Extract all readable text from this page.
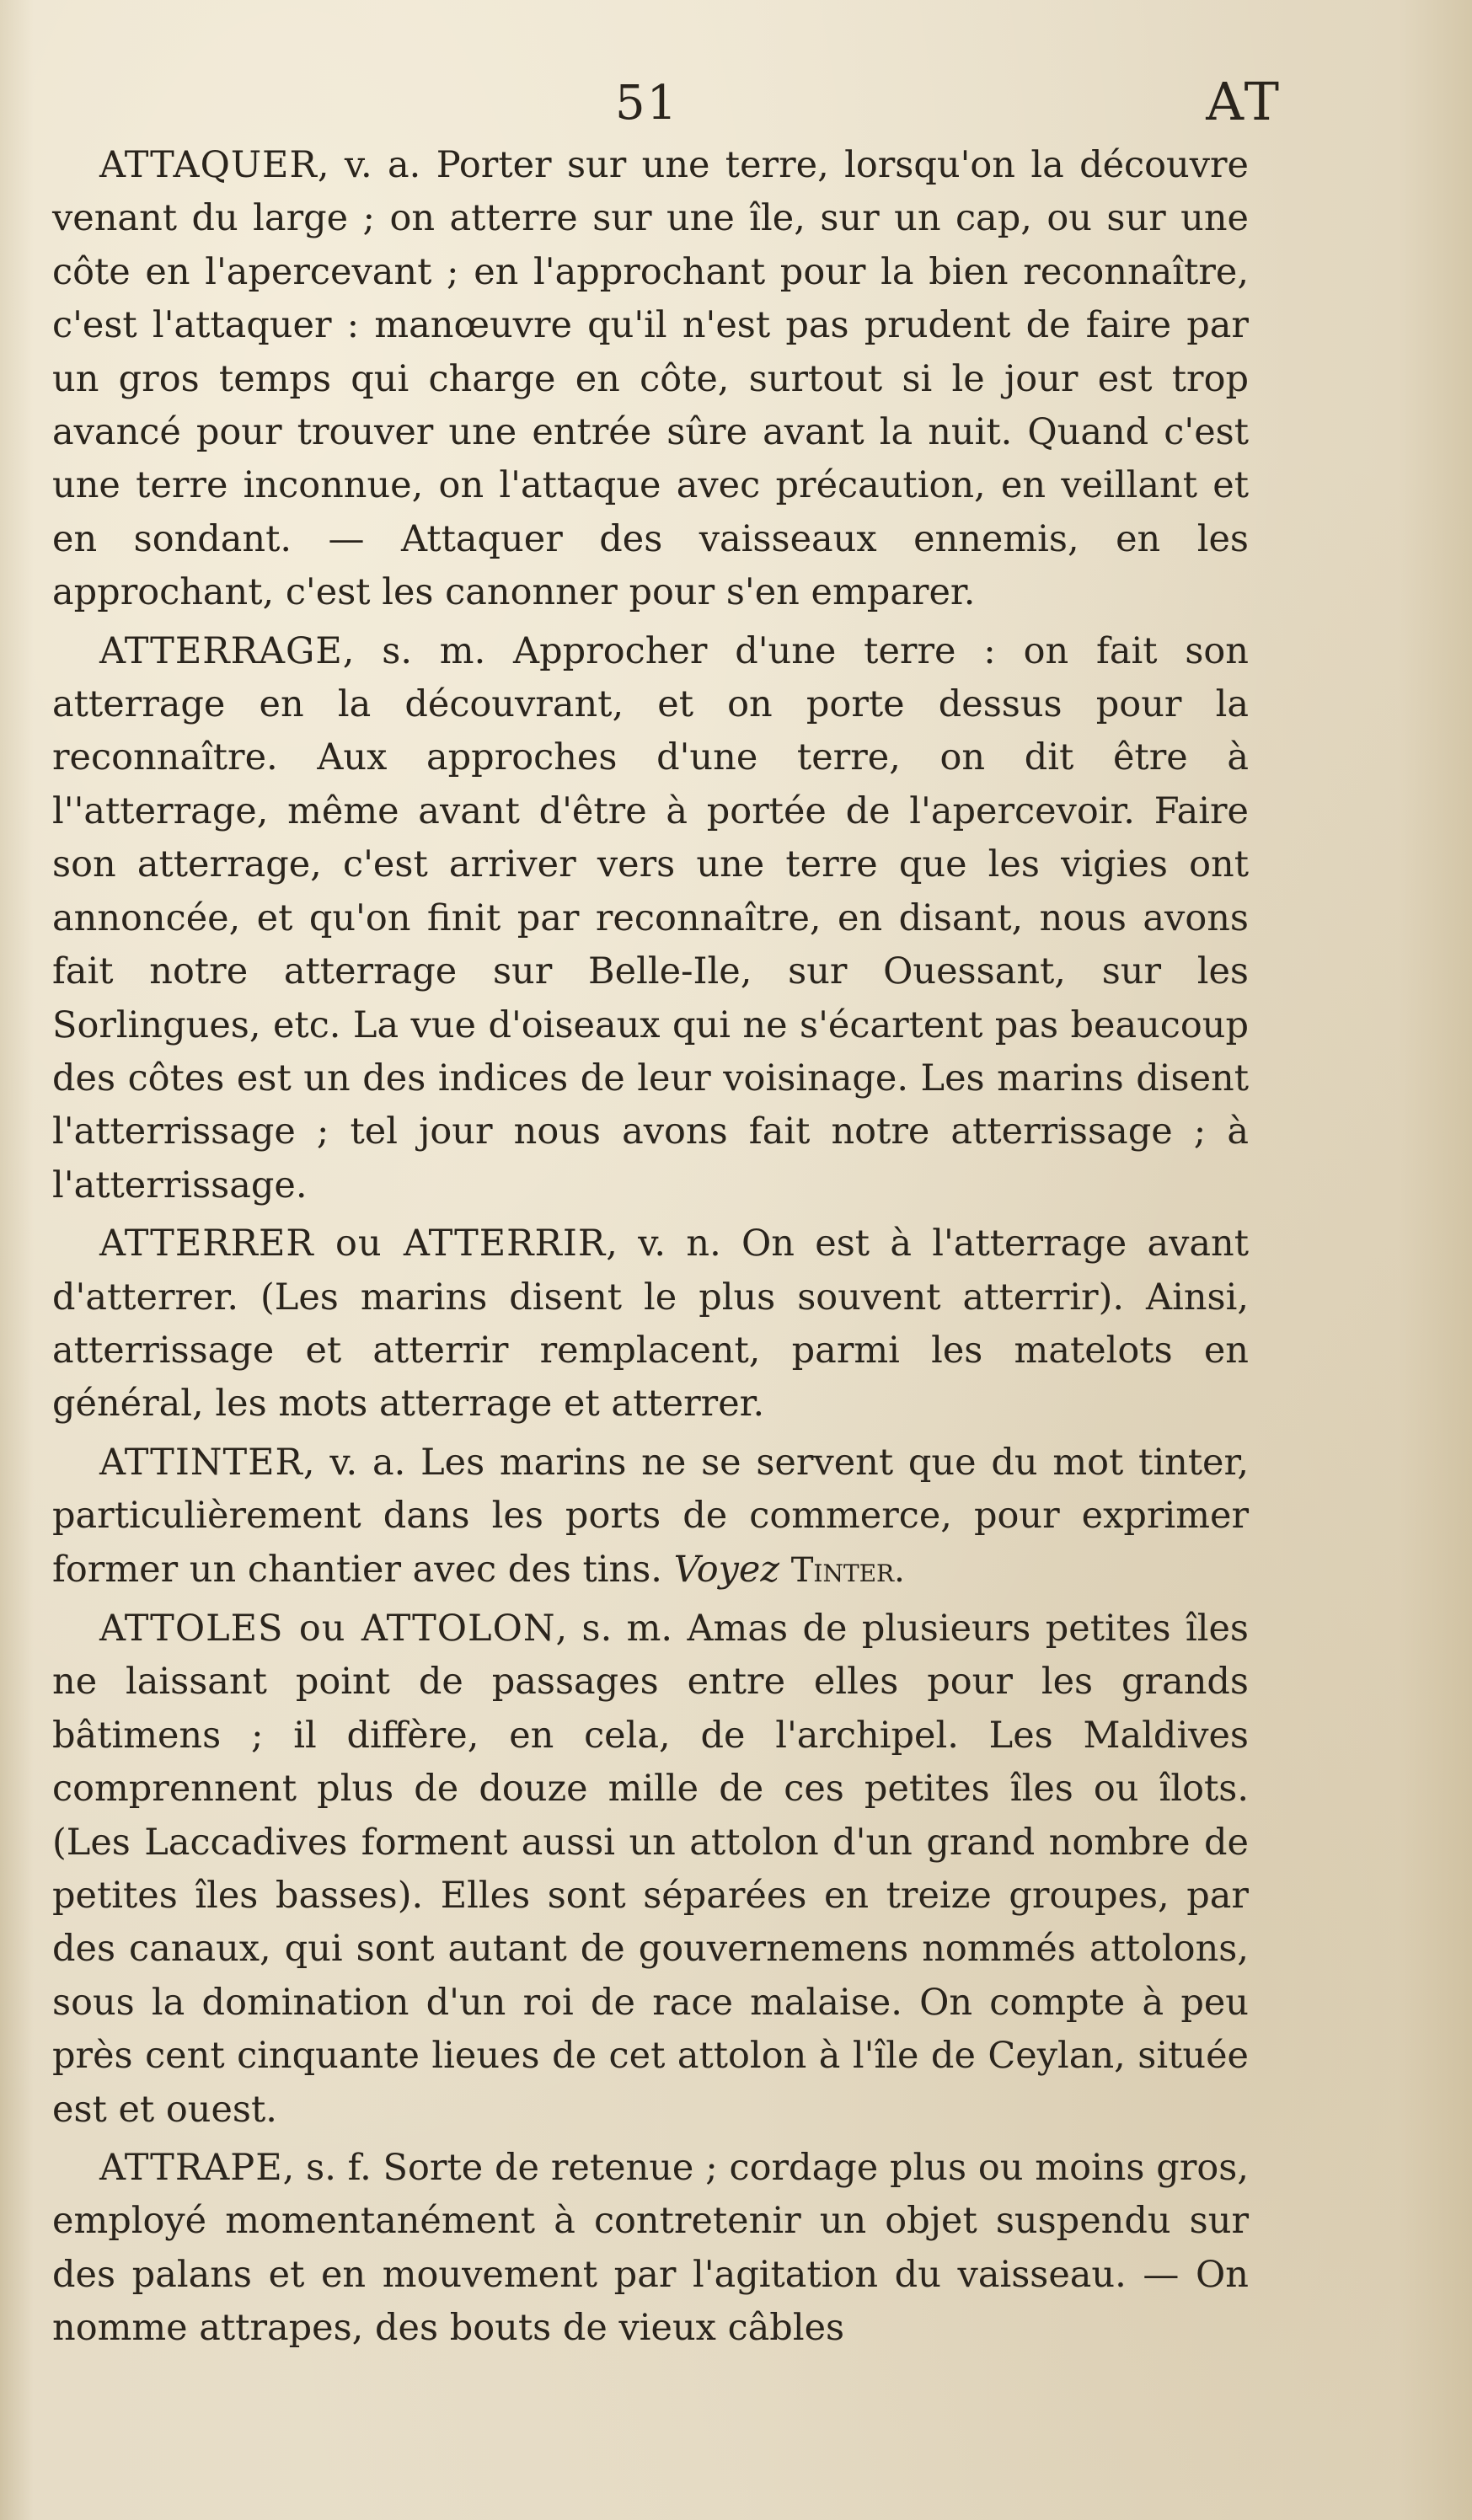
51	AT

ATTAQUER, v. a. Porter sur une terre, lorsqu'on la découvre venant du large ; on atterre sur une île, sur un cap, ou sur une côte en l'apercevant ; en l'approchant pour la bien reconnaître, c'est l'attaquer : manœuvre qu'il n'est pas prudent de faire par un gros temps qui charge en côte, surtout si le jour est trop avancé pour trouver une entrée sûre avant la nuit. Quand c'est une terre inconnue, on l'attaque avec précaution, en veillant et en sondant. — Attaquer des vaisseaux ennemis, en les approchant, c'est les canonner pour s'en emparer.

ATTERRAGE, s. m. Approcher d'une terre : on fait son atterrage en la découvrant, et on porte dessus pour la reconnaître. Aux approches d'une terre, on dit être à l''atterrage, même avant d'être à portée de l'apercevoir. Faire son atterrage, c'est arriver vers une terre que les vigies ont annoncée, et qu'on finit par reconnaître, en disant, nous avons fait notre atterrage sur Belle-Ile, sur Ouessant, sur les Sorlingues, etc. La vue d'oiseaux qui ne s'écartent pas beaucoup des côtes est un des indices de leur voisinage. Les marins disent l'atterrissage ; tel jour nous avons fait notre atterrissage ; à l'atterrissage.

ATTERRER ou ATTERRIR, v. n. On est à l'atterrage avant d'atterrer. (Les marins disent le plus souvent atterrir). Ainsi, atterrissage et atterrir remplacent, parmi les matelots en général, les mots atterrage et atterrer.

ATTINTER, v. a. Les marins ne se servent que du mot tinter, particulièrement dans les ports de commerce, pour exprimer former un chantier avec des tins. Voyez Tinter.

ATTOLES ou ATTOLON, s. m. Amas de plusieurs petites îles ne laissant point de passages entre elles pour les grands bâtimens ; il diffère, en cela, de l'archipel. Les Maldives comprennent plus de douze mille de ces petites îles ou îlots. (Les Laccadives forment aussi un attolon d'un grand nombre de petites îles basses). Elles sont séparées en treize groupes, par des canaux, qui sont autant de gouvernemens nommés attolons, sous la domination d'un roi de race malaise. On compte à peu près cent cinquante lieues de cet attolon à l'île de Ceylan, située est et ouest.

ATTRAPE, s. f. Sorte de retenue ; cordage plus ou moins gros, employé momentanément à contretenir un objet suspendu sur des palans et en mouvement par l'agitation du vaisseau. — On nomme attrapes, des bouts de vieux câbles
